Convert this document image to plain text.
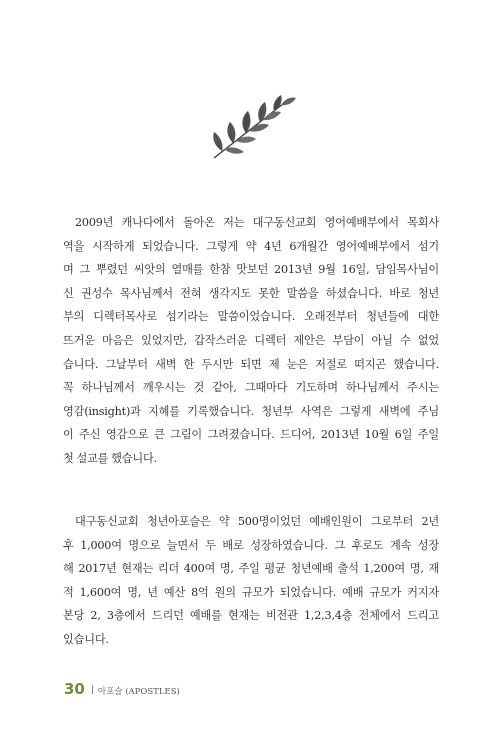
2009년 캐나다에서 돌아온 저는 대구동신교회 영어예배부에서 목회사
역을 시작하게 되었습니다. 그렇게 약 4년 6개월간 영어예배부에서 섬기
며 그 뿌렸던 씨앗의 열매를 한참 맛보던 2013년 9월 16일, 담임목사님이
신 권성수 목사님께서 전혀 생각지도 못한 말씀을 하셨습니다. 바로 청년
부의 디렉터목사로 섬기라는 말씀이었습니다. 오래전부터 청년들에 대한
뜨거운 마음은 있었지만, 갑작스러운 디렉터 제안은 부담이 아닐 수 없었
습니다. 그날부터 새벽 한 두시만 되면 제 눈은 저절로 떠지곤 했습니다.
꼭 하나님께서 깨우시는 것 같아, 그때마다 기도하며 하나님께서 주시는
영감(insight)과 지혜를 기록했습니다. 청년부 사역은 그렇게 새벽에 주님
이 주신 영감으로 큰 그림이 그려졌습니다. 드디어, 2013년 10월 6일 주일
첫 설교를 했습니다.

대구동신교회 청년아포슬은 약 500명이었던 예배인원이 그로부터 2년
후 1,000여 명으로 늘면서 두 배로 성장하였습니다. 그 후로도 계속 성장
해 2017년 현재는 리더 400여 명, 주일 평균 청년예배 출석 1,200여 명, 재
적 1,600여 명, 년 예산 8억 원의 규모가 되었습니다. 예배 규모가 커지자
본당 2, 3층에서 드리던 예배를 현재는 비전관 1,2,3,4층 전체에서 드리고
있습니다.

30 아포슬 (APOSTLES)
